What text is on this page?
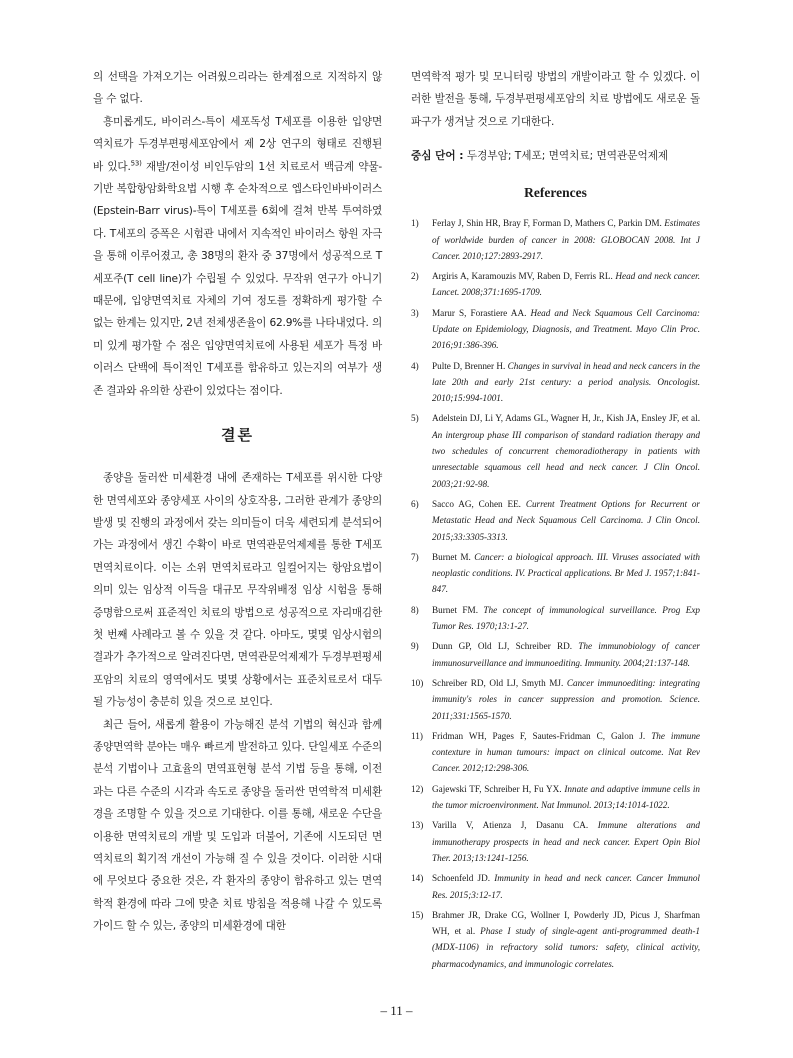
의 선택을 가져오기는 어려웠으리라는 한계점으로 지적하지 않을 수 없다.

흥미롭게도, 바이러스-특이 세포독성 T세포를 이용한 입양면역치료가 두경부편평세포암에서 제 2상 연구의 형태로 진행된 바 있다.$^{53)}$ 재발/전이성 비인두암의 1선 치료로서 백금계 약물-기반 복합항암화학요법 시행 후 순차적으로 엡스타인바바이러스(Epstein-Barr virus)-특이 T세포를 6회에 걸쳐 반복 투여하였다. T세포의 증폭은 시험관 내에서 지속적인 바이러스 항원 자극을 통해 이루어졌고, 총 38명의 환자 중 37명에서 성공적으로 T세포주(T cell line)가 수립될 수 있었다. 무작위 연구가 아니기 때문에, 입양면역치료 자체의 기여 정도를 정확하게 평가할 수 없는 한계는 있지만, 2년 전체생존율이 62.9%를 나타내었다. 의미 있게 평가할 수 점은 입양면역치료에 사용된 세포가 특정 바이러스 단백에 특이적인 T세포를 함유하고 있는지의 여부가 생존 결과와 유의한 상관이 있었다는 점이다.

결론

종양을 둘러싼 미세환경 내에 존재하는 T세포를 위시한 다양한 면역세포와 종양세포 사이의 상호작용, 그러한 관계가 종양의 발생 및 진행의 과정에서 갖는 의미들이 더욱 세련되게 분석되어 가는 과정에서 생긴 수확이 바로 면역관문억제제를 통한 T세포 면역치료이다. 이는 소위 면역치료라고 일컬어지는 항암요법이 의미 있는 임상적 이득을 대규모 무작위배정 임상 시험을 통해 증명함으로써 표준적인 치료의 방법으로 성공적으로 자리매김한 첫 번째 사례라고 볼 수 있을 것 같다. 아마도, 몇몇 임상시험의 결과가 추가적으로 알려진다면, 면역관문억제제가 두경부편평세포암의 치료의 영역에서도 몇몇 상황에서는 표준치료로서 대두될 가능성이 충분히 있을 것으로 보인다.

최근 들어, 새롭게 활용이 가능해진 분석 기법의 혁신과 함께 종양면역학 분야는 매우 빠르게 발전하고 있다. 단일세포 수준의 분석 기법이나 고효율의 면역표현형 분석 기법 등을 통해, 이전과는 다른 수준의 시각과 속도로 종양을 둘러싼 면역학적 미세환경을 조명할 수 있을 것으로 기대한다. 이를 통해, 새로운 수단을 이용한 면역치료의 개발 및 도입과 더불어, 기존에 시도되던 면역치료의 획기적 개선이 가능해 질 수 있을 것이다. 이러한 시대에 무엇보다 중요한 것은, 각 환자의 종양이 함유하고 있는 면역학적 환경에 따라 그에 맞춘 치료 방침을 적용해 나갈 수 있도록 가이드 할 수 있는, 종양의 미세환경에 대한

면역학적 평가 및 모니터링 방법의 개발이라고 할 수 있겠다. 이러한 발전을 통해, 두경부편평세포암의 치료 방법에도 새로운 돌파구가 생겨날 것으로 기대한다.

중심 단어 : 두경부암; T세포; 면역치료; 면역관문억제제

References
1) Ferlay J, Shin HR, Bray F, Forman D, Mathers C, Parkin DM. Estimates of worldwide burden of cancer in 2008: GLOBOCAN 2008. Int J Cancer. 2010;127:2893-2917.
2) Argiris A, Karamouzis MV, Raben D, Ferris RL. Head and neck cancer. Lancet. 2008;371:1695-1709.
3) Marur S, Forastiere AA. Head and Neck Squamous Cell Carcinoma: Update on Epidemiology, Diagnosis, and Treatment. Mayo Clin Proc. 2016;91:386-396.
4) Pulte D, Brenner H. Changes in survival in head and neck cancers in the late 20th and early 21st century: a period analysis. Oncologist. 2010;15:994-1001.
5) Adelstein DJ, Li Y, Adams GL, Wagner H, Jr., Kish JA, Ensley JF, et al. An intergroup phase III comparison of standard radiation therapy and two schedules of concurrent chemoradiotherapy in patients with unresectable squamous cell head and neck cancer. J Clin Oncol. 2003;21:92-98.
6) Sacco AG, Cohen EE. Current Treatment Options for Recurrent or Metastatic Head and Neck Squamous Cell Carcinoma. J Clin Oncol. 2015;33:3305-3313.
7) Burnet M. Cancer: a biological approach. III. Viruses associated with neoplastic conditions. IV. Practical applications. Br Med J. 1957;1:841-847.
8) Burnet FM. The concept of immunological surveillance. Prog Exp Tumor Res. 1970;13:1-27.
9) Dunn GP, Old LJ, Schreiber RD. The immunobiology of cancer immunosurveillance and immunoediting. Immunity. 2004;21:137-148.
10) Schreiber RD, Old LJ, Smyth MJ. Cancer immunoediting: integrating immunity's roles in cancer suppression and promotion. Science. 2011;331:1565-1570.
11) Fridman WH, Pages F, Sautes-Fridman C, Galon J. The immune contexture in human tumours: impact on clinical outcome. Nat Rev Cancer. 2012;12:298-306.
12) Gajewski TF, Schreiber H, Fu YX. Innate and adaptive immune cells in the tumor microenvironment. Nat Immunol. 2013;14:1014-1022.
13) Varilla V, Atienza J, Dasanu CA. Immune alterations and immunotherapy prospects in head and neck cancer. Expert Opin Biol Ther. 2013;13:1241-1256.
14) Schoenfeld JD. Immunity in head and neck cancer. Cancer Immunol Res. 2015;3:12-17.
15) Brahmer JR, Drake CG, Wollner I, Powderly JD, Picus J, Sharfman WH, et al. Phase I study of single-agent anti-programmed death-1 (MDX-1106) in refractory solid tumors: safety, clinical activity, pharmacodynamics, and immunologic correlates.
– 11 –
